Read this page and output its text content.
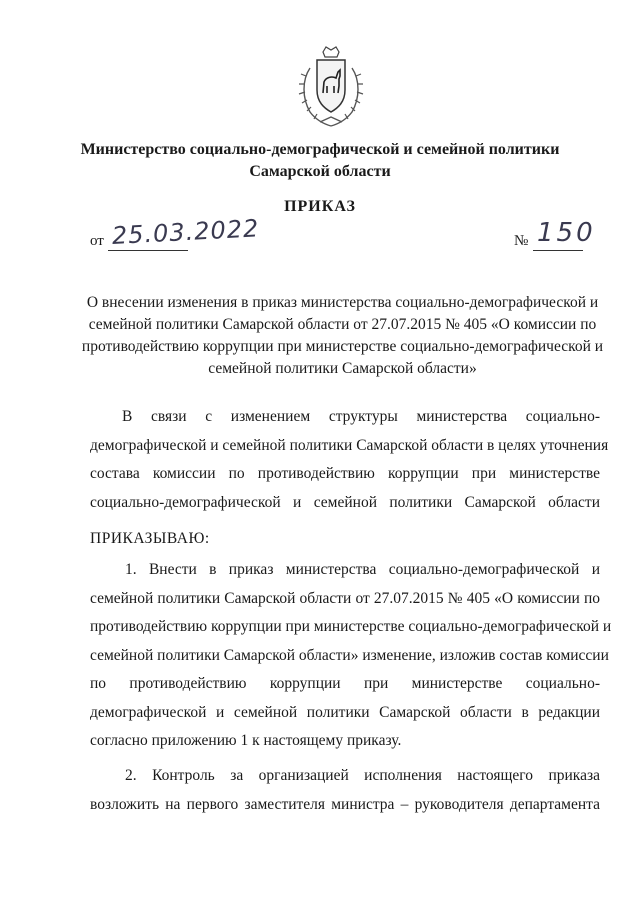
Министерство социально-демографической и семейной политики
Самарской области
ПРИКАЗ
от 25.03.2022	№ 150
О внесении изменения в приказ министерства социально-демографической и
семейной политики Самарской области от 27.07.2015 № 405 «О комиссии по
противодействию коррупции при министерстве социально-демографической и
семейной политики Самарской области»
В связи с изменением структуры министерства социально-
демографической и семейной политики Самарской области в целях уточнения
состава комиссии по противодействию коррупции при министерстве
социально-демографической и семейной политики Самарской области
ПРИКАЗЫВАЮ:
1. Внести в приказ министерства социально-демографической и
семейной политики Самарской области от 27.07.2015 № 405 «О комиссии по
противодействию коррупции при министерстве социально-демографической и
семейной политики Самарской области» изменение, изложив состав комиссии
по противодействию коррупции при министерстве социально-
демографической и семейной политики Самарской области в редакции
согласно приложению 1 к настоящему приказу.
2. Контроль за организацией исполнения настоящего приказа
возложить на первого заместителя министра – руководителя департамента
